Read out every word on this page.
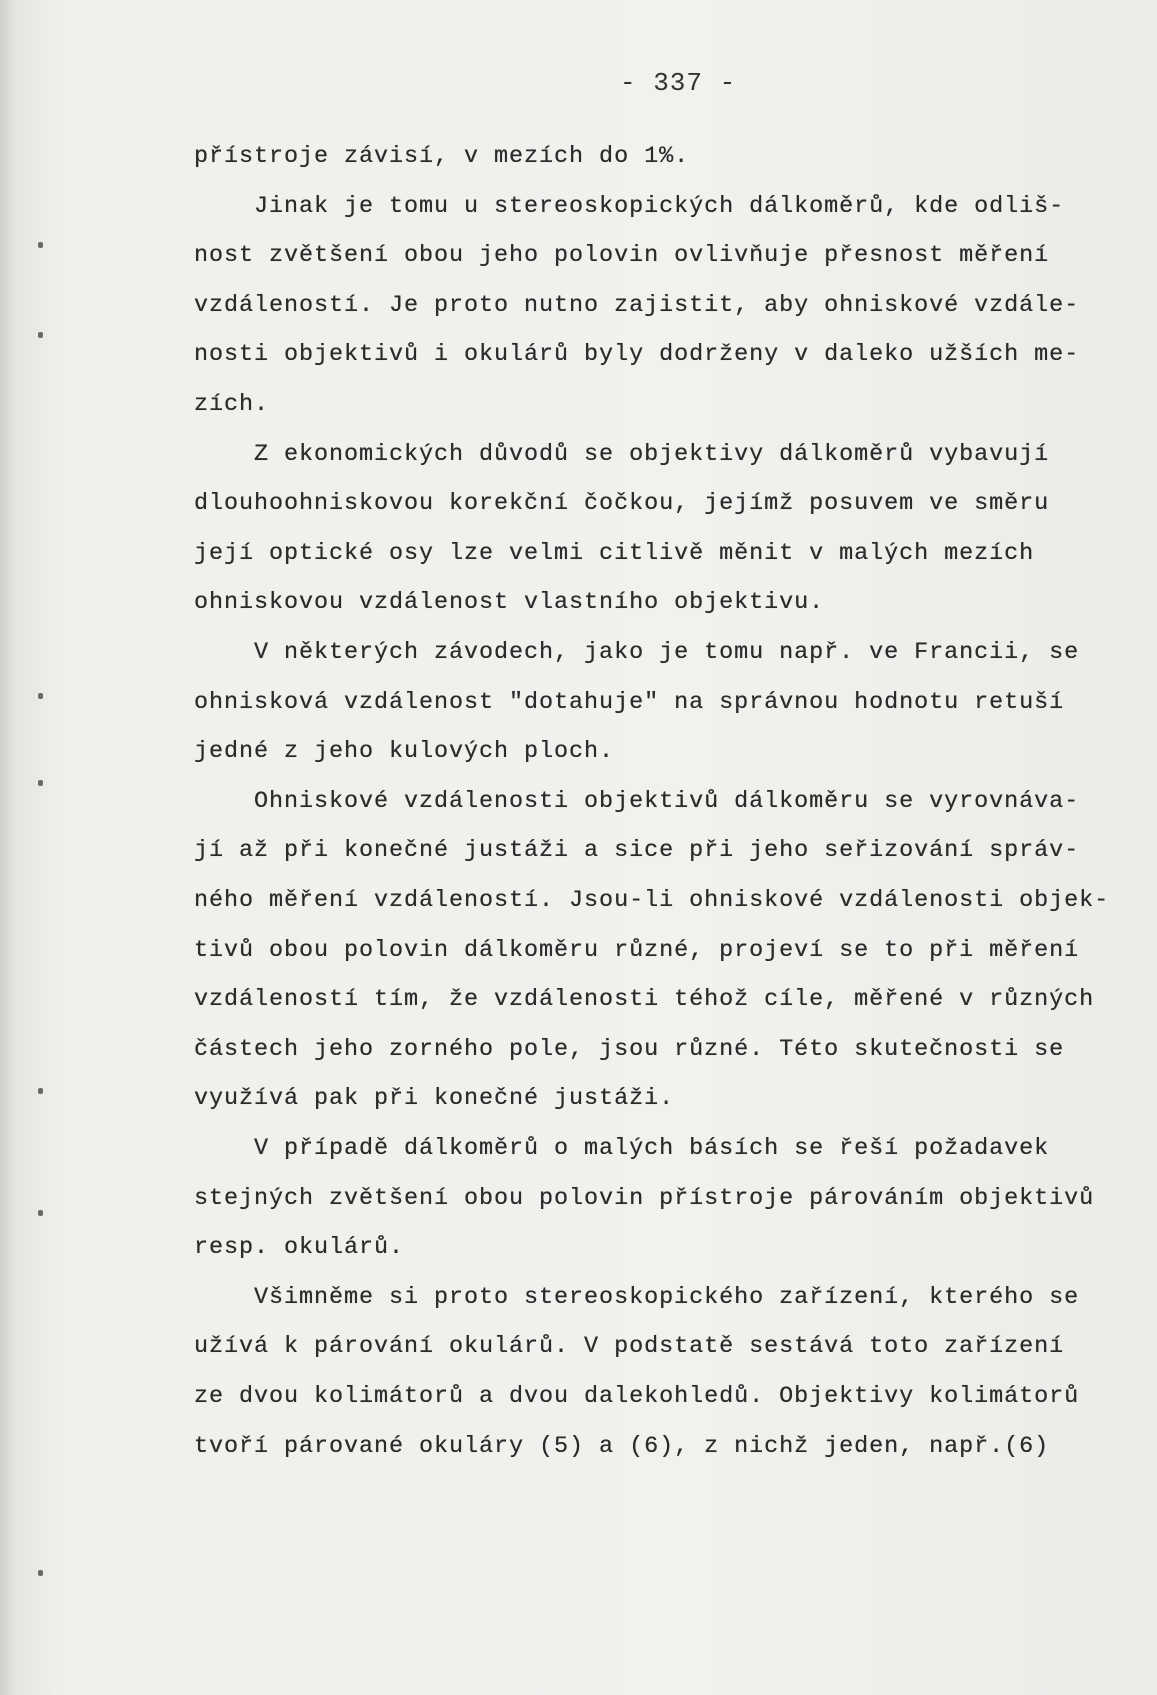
- 337 -
přístroje závisí, v mezích do 1%.
Jinak je tomu u stereoskopických dálkoměrů, kde odliš-
nost zvětšení obou jeho polovin ovlivňuje přesnost měření
vzdáleností. Je proto nutno zajistit, aby ohniskové vzdále-
nosti objektivů i okulárů byly dodrženy v daleko užších me-
zích.
Z ekonomických důvodů se objektivy dálkoměrů vybavují
dlouhoohniskovou korekční čočkou, jejímž posuvem ve směru
její optické osy lze velmi citlivě měnit v malých mezích
ohniskovou vzdálenost vlastního objektivu.
V některých závodech, jako je tomu např. ve Francii, se
ohnisková vzdálenost "dotahuje" na správnou hodnotu retuší
jedné z jeho kulových ploch.
Ohniskové vzdálenosti objektivů dálkoměru se vyrovnáva-
jí až při konečné justáži a sice při jeho seřizování správ-
ného měření vzdáleností. Jsou-li ohniskové vzdálenosti objek-
tivů obou polovin dálkoměru různé, projeví se to při měření
vzdáleností tím, že vzdálenosti téhož cíle, měřené v různých
částech jeho zorného pole, jsou různé. Této skutečnosti se
využívá pak při konečné justáži.
V případě dálkoměrů o malých básích se řeší požadavek
stejných zvětšení obou polovin přístroje párováním objektivů
resp. okulárů.
Všimněme si proto stereoskopického zařízení, kterého se
užívá k párování okulárů. V podstatě sestává toto zařízení
ze dvou kolimátorů a dvou dalekohledů. Objektivy kolimátorů
tvoří párované okuláry (5) a (6), z nichž jeden, např.(6)
